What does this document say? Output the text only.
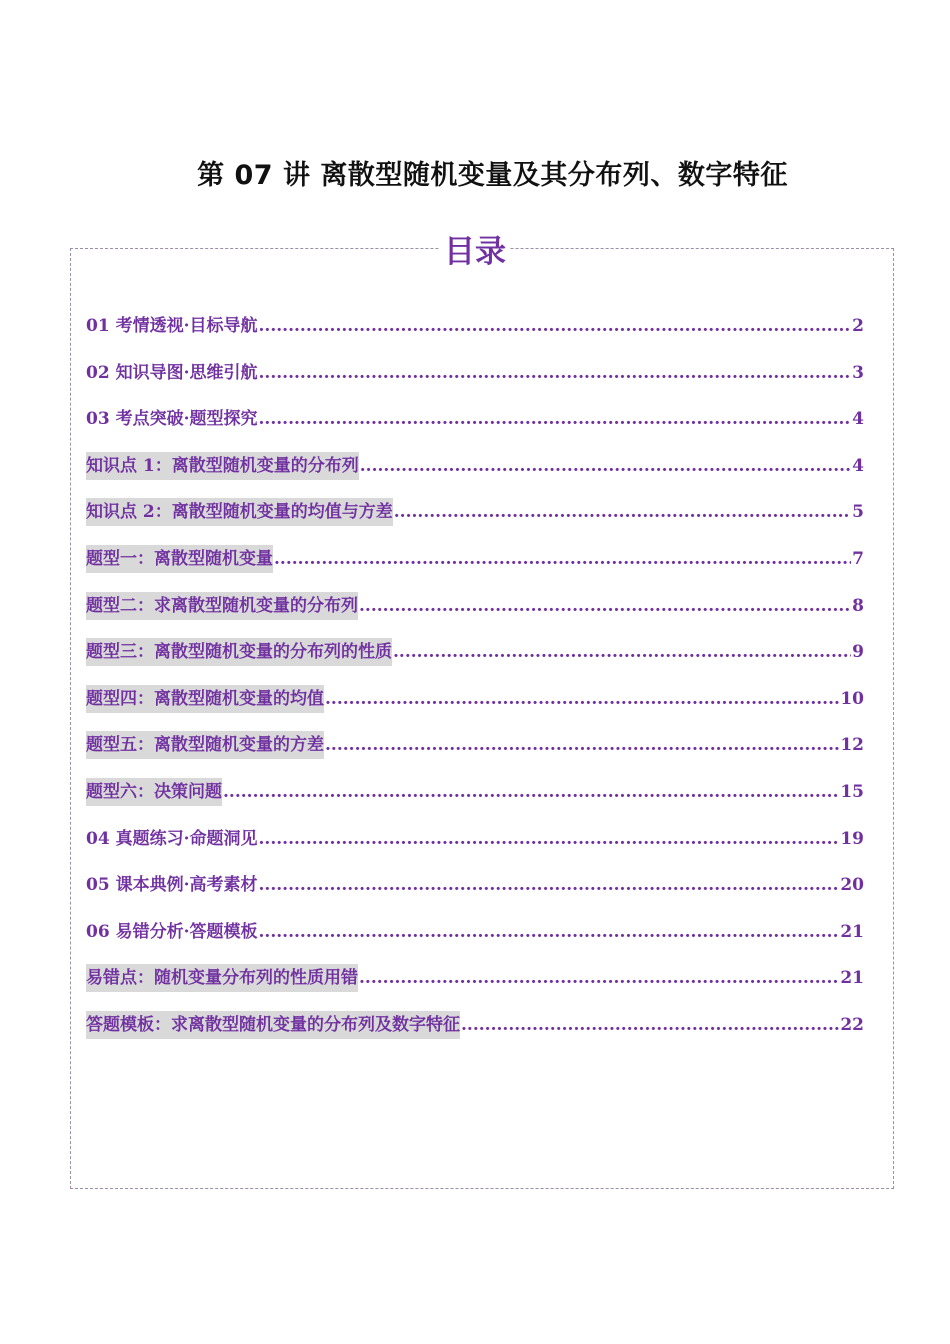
第 07 讲 离散型随机变量及其分布列、数字特征
目录
01 考情透视·目标导航 .....	2
02 知识导图·思维引航 .....	3
03 考点突破·题型探究 .....	4
知识点 1：离散型随机变量的分布列 .....	4
知识点 2：离散型随机变量的均值与方差 .....	5
题型一：离散型随机变量 .....	7
题型二：求离散型随机变量的分布列 .....	8
题型三：离散型随机变量的分布列的性质 .....	9
题型四：离散型随机变量的均值 .....	10
题型五：离散型随机变量的方差 .....	12
题型六：决策问题 .....	15
04 真题练习·命题洞见 .....	19
05 课本典例·高考素材 .....	20
06 易错分析·答题模板 .....	21
易错点：随机变量分布列的性质用错 .....	21
答题模板：求离散型随机变量的分布列及数字特征 .....	22
